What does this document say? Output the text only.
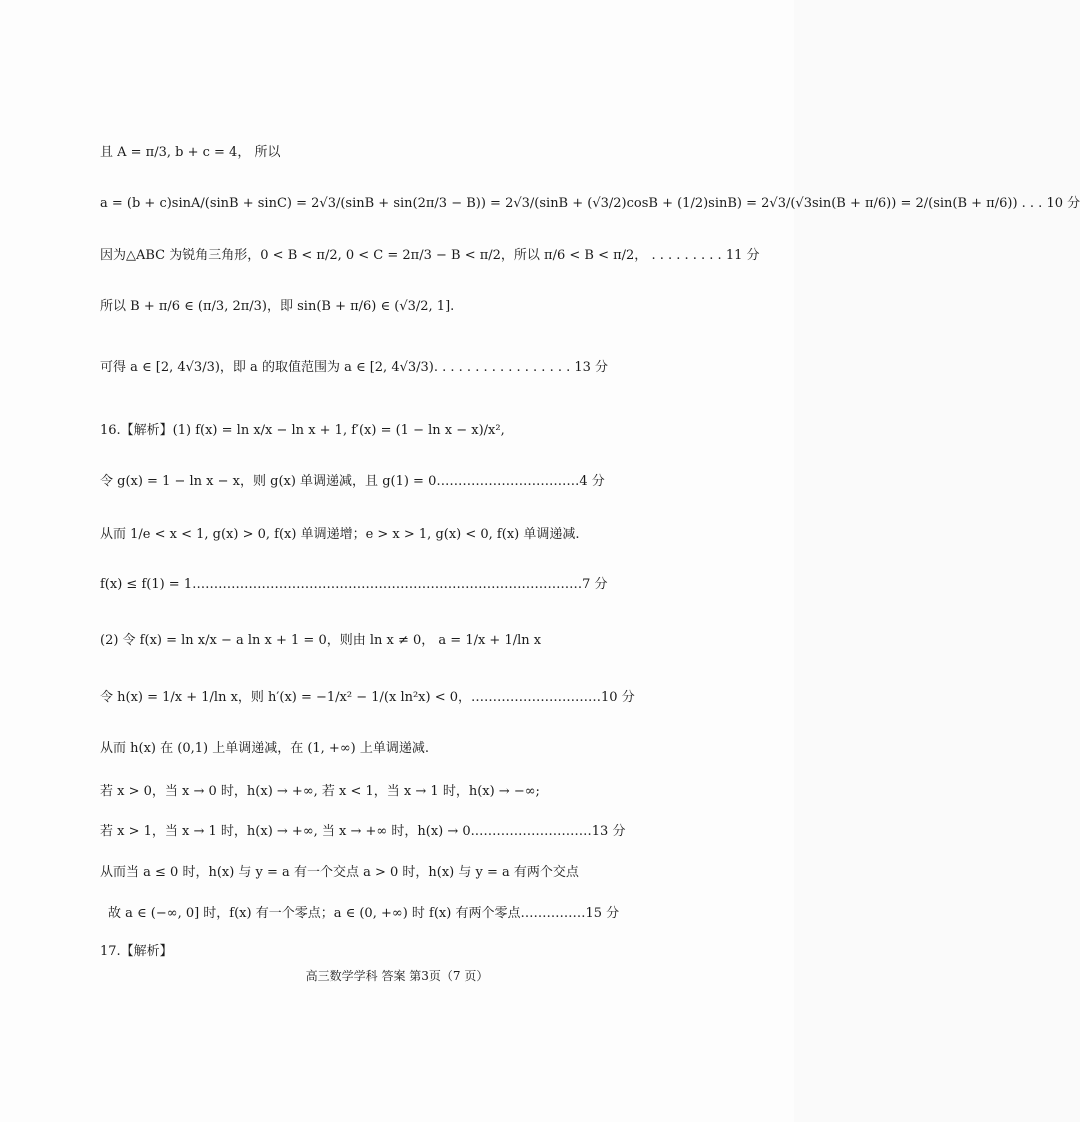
且 A = π/3, b + c = 4， 所以
a = (b + c)sinA/(sinB + sinC) = 2√3/(sinB + sin(2π/3 − B)) = 2√3/(sinB + (√3/2)cosB + (1/2)sinB) = 2√3/(√3sin(B + π/6)) = 2/(sin(B + π/6)) . . . 10 分
因为△ABC 为锐角三角形，0 < B < π/2, 0 < C = 2π/3 − B < π/2，所以 π/6 < B < π/2， . . . . . . . . . 11 分
所以 B + π/6 ∈ (π/3, 2π/3)，即 sin(B + π/6) ∈ (√3/2, 1].
可得 a ∈ [2, 4√3/3)，即 a 的取值范围为 a ∈ [2, 4√3/3). . . . . . . . . . . . . . . . . 13 分
16.【解析】(1) f(x) = ln x/x − ln x + 1, f′(x) = (1 − ln x − x)/x²,
令 g(x) = 1 − ln x − x，则 g(x) 单调递减，且 g(1) = 0……………………………4 分
从而 1/e < x < 1, g(x) > 0, f(x) 单调递增；e > x > 1, g(x) < 0, f(x) 单调递减.
f(x) ≤ f(1) = 1………………………………………………………………………………7 分
(2) 令 f(x) = ln x/x − a ln x + 1 = 0，则由 ln x ≠ 0， a = 1/x + 1/ln x
令 h(x) = 1/x + 1/ln x，则 h′(x) = −1/x² − 1/(x ln²x) < 0，…………………………10 分
从而 h(x) 在 (0,1) 上单调递减，在 (1, +∞) 上单调递减.
若 x > 0，当 x → 0 时，h(x) → +∞, 若 x < 1，当 x → 1 时，h(x) → −∞;
若 x > 1，当 x → 1 时，h(x) → +∞, 当 x → +∞ 时，h(x) → 0.………………………13 分
从而当 a ≤ 0 时，h(x) 与 y = a 有一个交点 a > 0 时，h(x) 与 y = a 有两个交点
故 a ∈ (−∞, 0] 时，f(x) 有一个零点；a ∈ (0, +∞) 时 f(x) 有两个零点……………15 分
17.【解析】
高三数学学科 答案 第3页（7 页）
